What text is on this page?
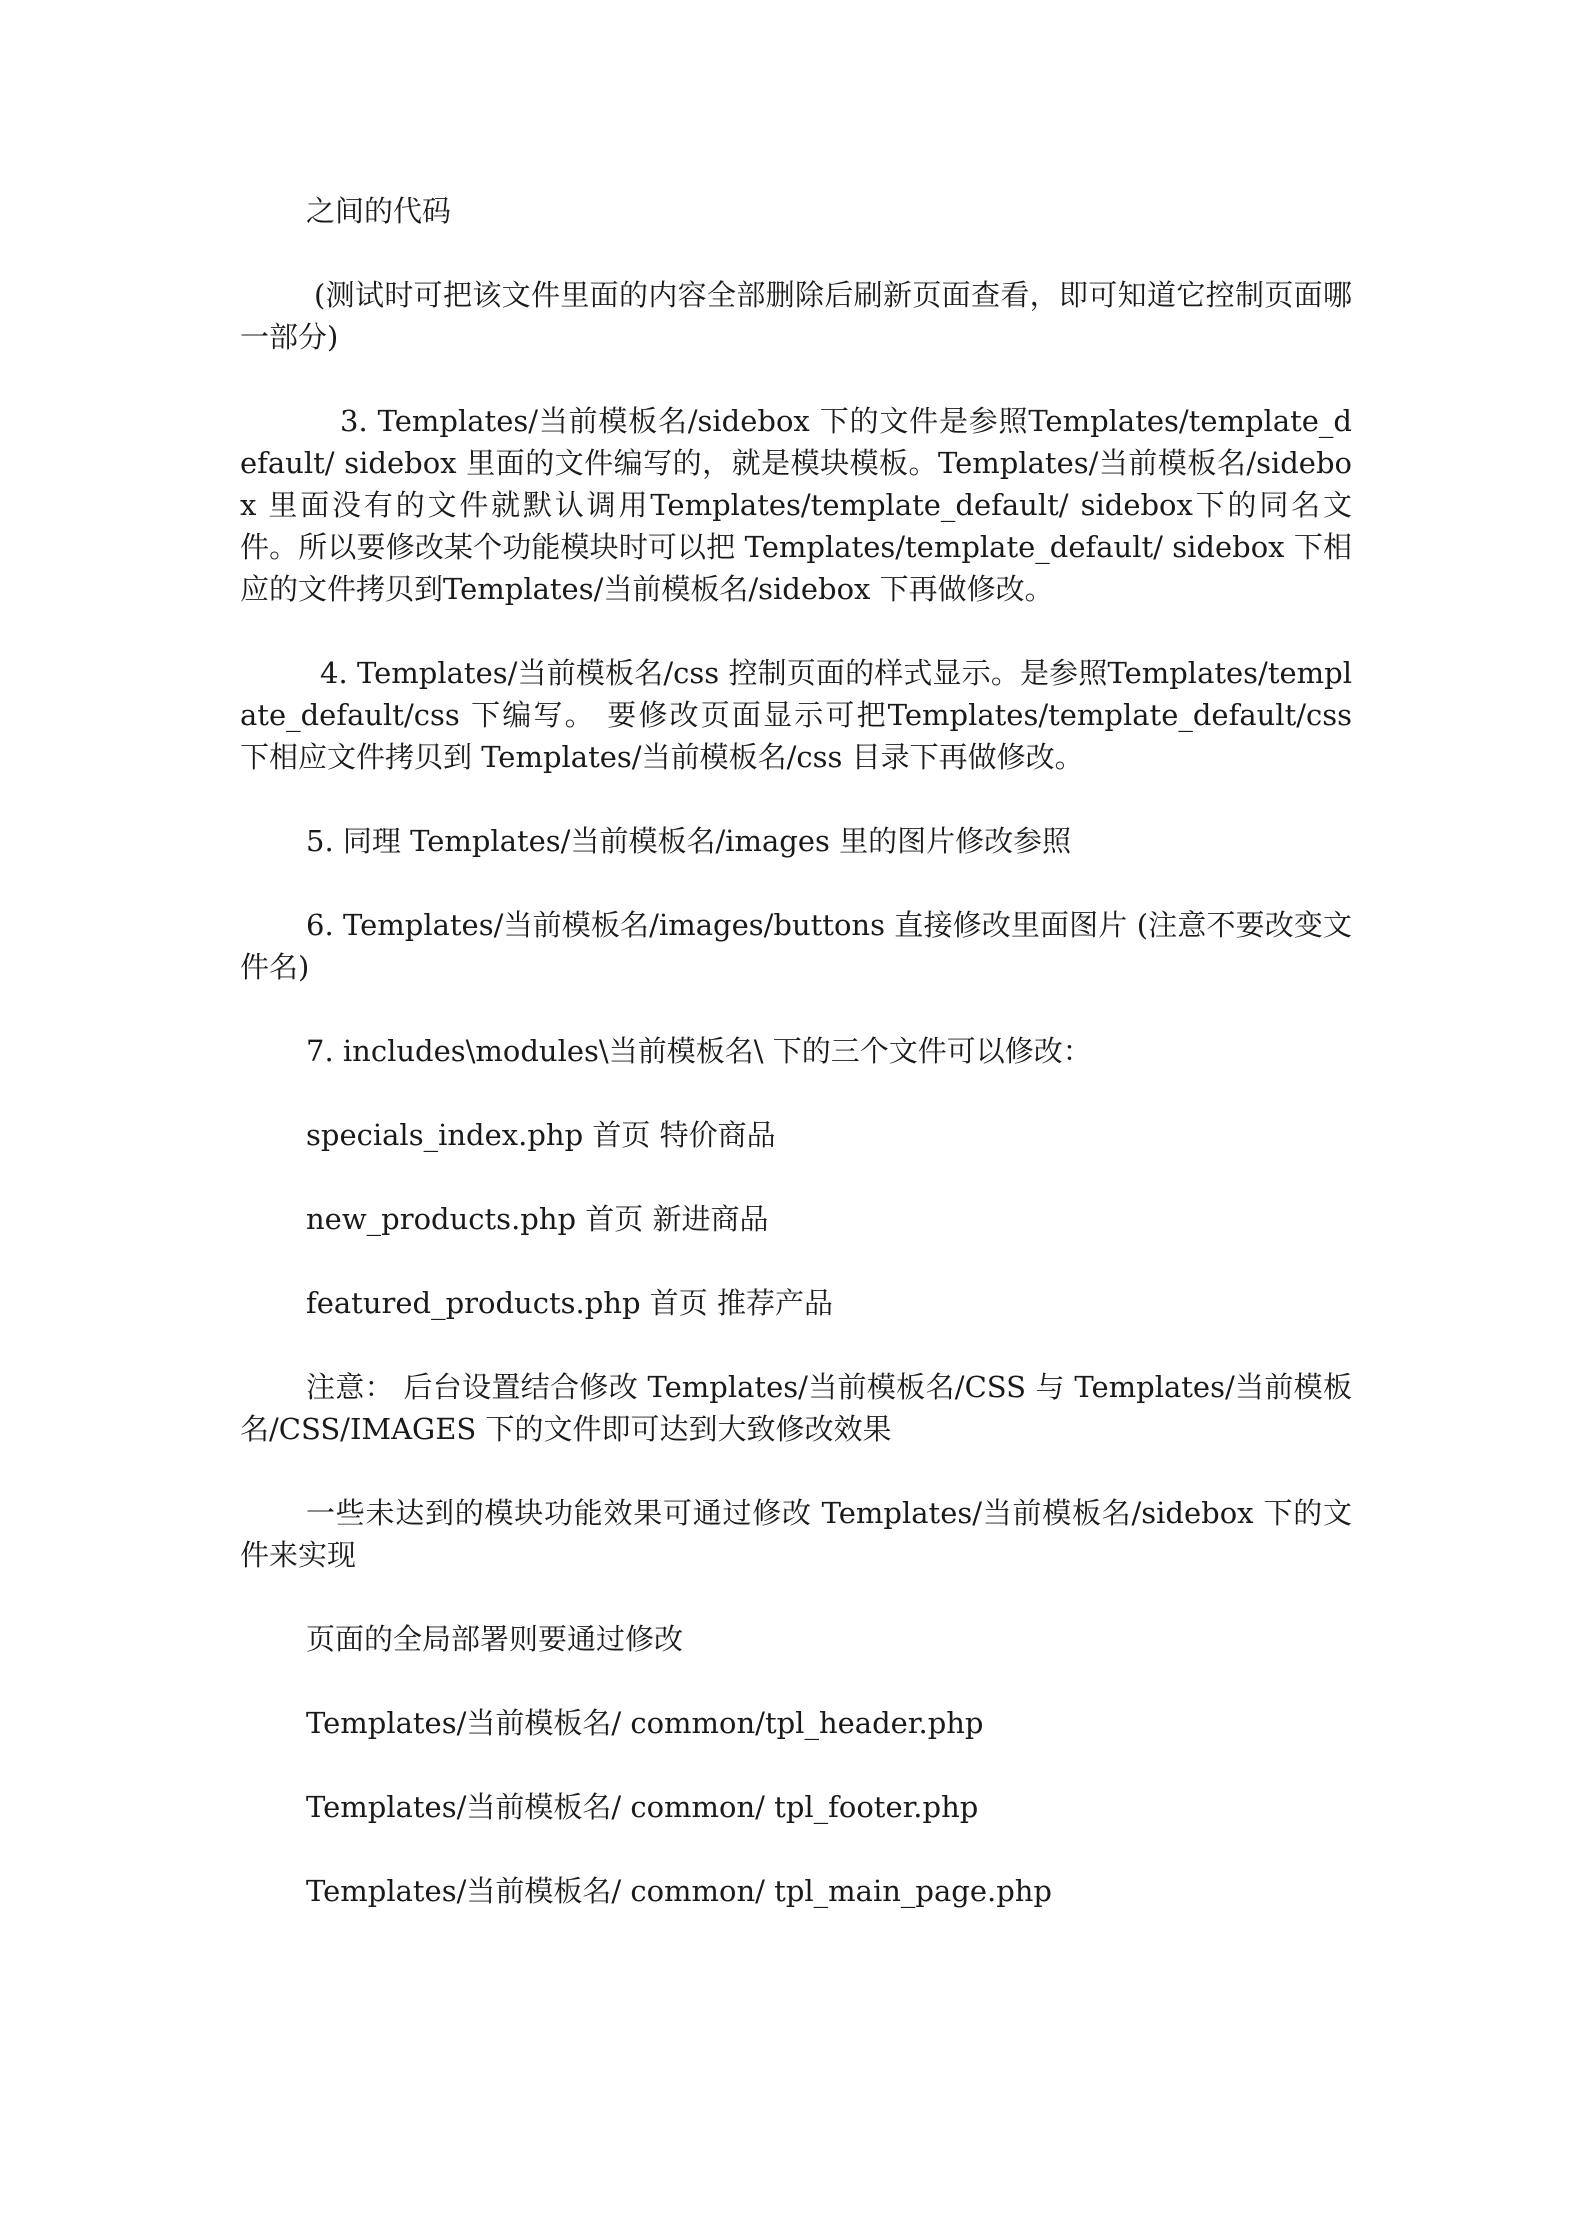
之间的代码

(测试时可把该文件里面的内容全部删除后刷新页面查看，即可知道它控制页面哪一部分)

3. Templates/当前模板名/sidebox 下的文件是参照Templates/template_default/ sidebox 里面的文件编写的，就是模块模板。Templates/当前模板名/sidebox 里面没有的文件就默认调用Templates/template_default/ sidebox下的同名文件。所以要修改某个功能模块时可以把 Templates/template_default/ sidebox 下相应的文件拷贝到Templates/当前模板名/sidebox 下再做修改。

4. Templates/当前模板名/css 控制页面的样式显示。是参照Templates/template_default/css 下编写。 要修改页面显示可把Templates/template_default/css 下相应文件拷贝到 Templates/当前模板名/css 目录下再做修改。

5. 同理 Templates/当前模板名/images 里的图片修改参照

6. Templates/当前模板名/images/buttons 直接修改里面图片 (注意不要改变文件名)

7. includes\modules\当前模板名\ 下的三个文件可以修改：

specials_index.php 首页 特价商品

new_products.php 首页 新进商品

featured_products.php 首页 推荐产品

注意： 后台设置结合修改 Templates/当前模板名/CSS 与 Templates/当前模板名/CSS/IMAGES 下的文件即可达到大致修改效果

一些未达到的模块功能效果可通过修改 Templates/当前模板名/sidebox 下的文件来实现

页面的全局部署则要通过修改

Templates/当前模板名/ common/tpl_header.php

Templates/当前模板名/ common/ tpl_footer.php

Templates/当前模板名/ common/ tpl_main_page.php
